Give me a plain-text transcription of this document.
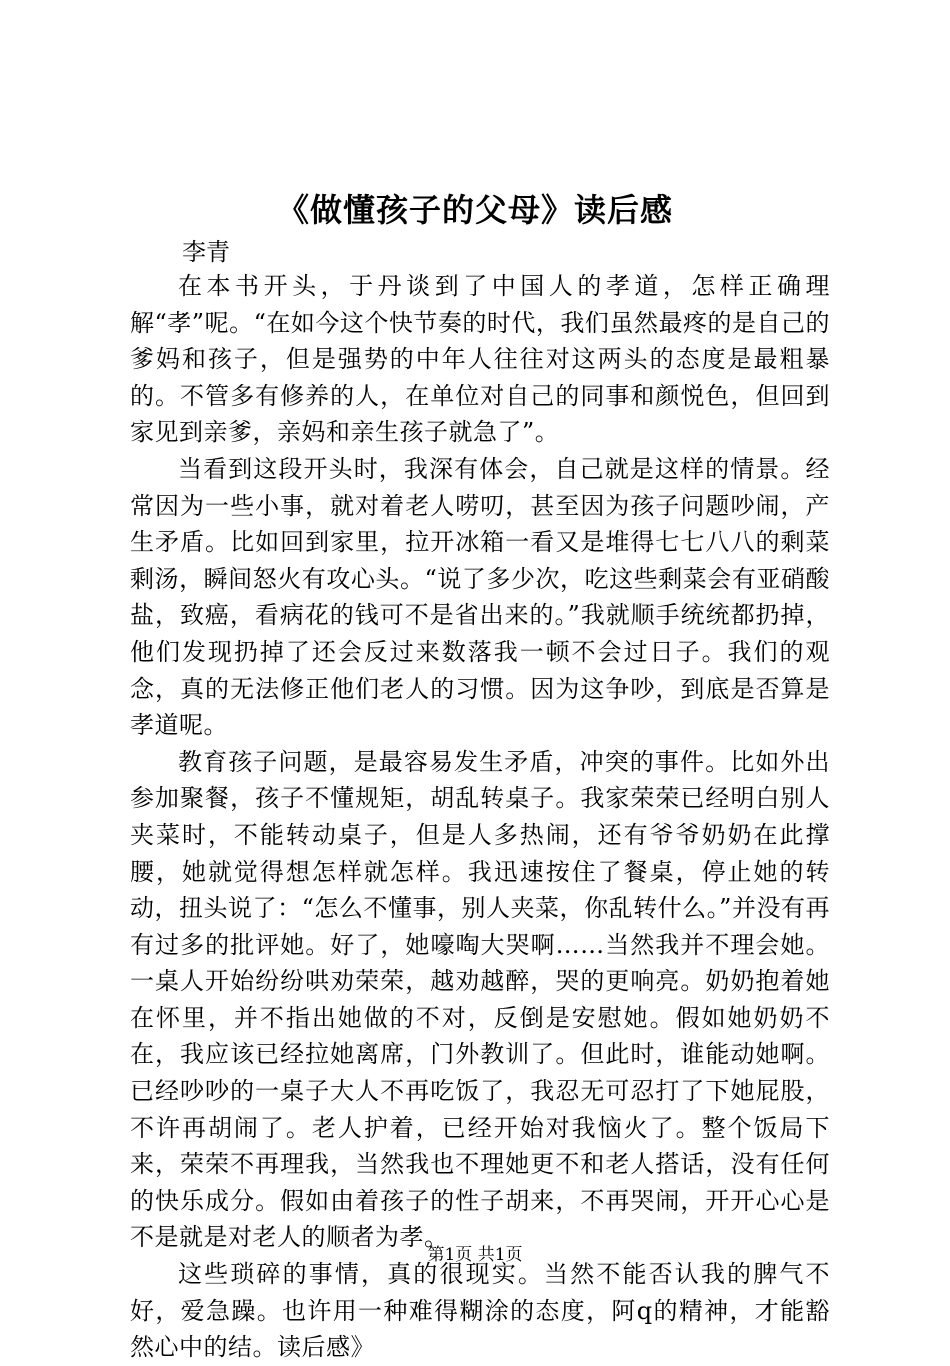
《做懂孩子的父母》读后感
李青

在本书开头，于丹谈到了中国人的孝道，怎样正确理解“孝”呢。“在如今这个快节奏的时代，我们虽然最疼的是自己的爹妈和孩子，但是强势的中年人往往对这两头的态度是最粗暴的。不管多有修养的人，在单位对自己的同事和颜悦色，但回到家见到亲爹，亲妈和亲生孩子就急了”。

当看到这段开头时，我深有体会，自己就是这样的情景。经常因为一些小事，就对着老人唠叨，甚至因为孩子问题吵闹，产生矛盾。比如回到家里，拉开冰箱一看又是堆得七七八八的剩菜剩汤，瞬间怒火有攻心头。“说了多少次，吃这些剩菜会有亚硝酸盐，致癌，看病花的钱可不是省出来的。”我就顺手统统都扔掉，他们发现扔掉了还会反过来数落我一顿不会过日子。我们的观念，真的无法修正他们老人的习惯。因为这争吵，到底是否算是孝道呢。

教育孩子问题，是最容易发生矛盾，冲突的事件。比如外出参加聚餐，孩子不懂规矩，胡乱转桌子。我家荣荣已经明白别人夹菜时，不能转动桌子，但是人多热闹，还有爷爷奶奶在此撑腰，她就觉得想怎样就怎样。我迅速按住了餐桌，停止她的转动，扭头说了：“怎么不懂事，别人夹菜，你乱转什么。”并没有再有过多的批评她。好了，她嚎啕大哭啊……当然我并不理会她。一桌人开始纷纷哄劝荣荣，越劝越醉，哭的更响亮。奶奶抱着她在怀里，并不指出她做的不对，反倒是安慰她。假如她奶奶不在，我应该已经拉她离席，门外教训了。但此时，谁能动她啊。已经吵吵的一桌子大人不再吃饭了，我忍无可忍打了下她屁股，不许再胡闹了。老人护着，已经开始对我恼火了。整个饭局下来，荣荣不再理我，当然我也不理她更不和老人搭话，没有任何的快乐成分。假如由着孩子的性子胡来，不再哭闹，开开心心是不是就是对老人的顺者为孝。

这些琐碎的事情，真的很现实。当然不能否认我的脾气不好，爱急躁。也许用一种难得糊涂的态度，阿q的精神，才能豁然心中的结。读后感》

第1页 共1页
